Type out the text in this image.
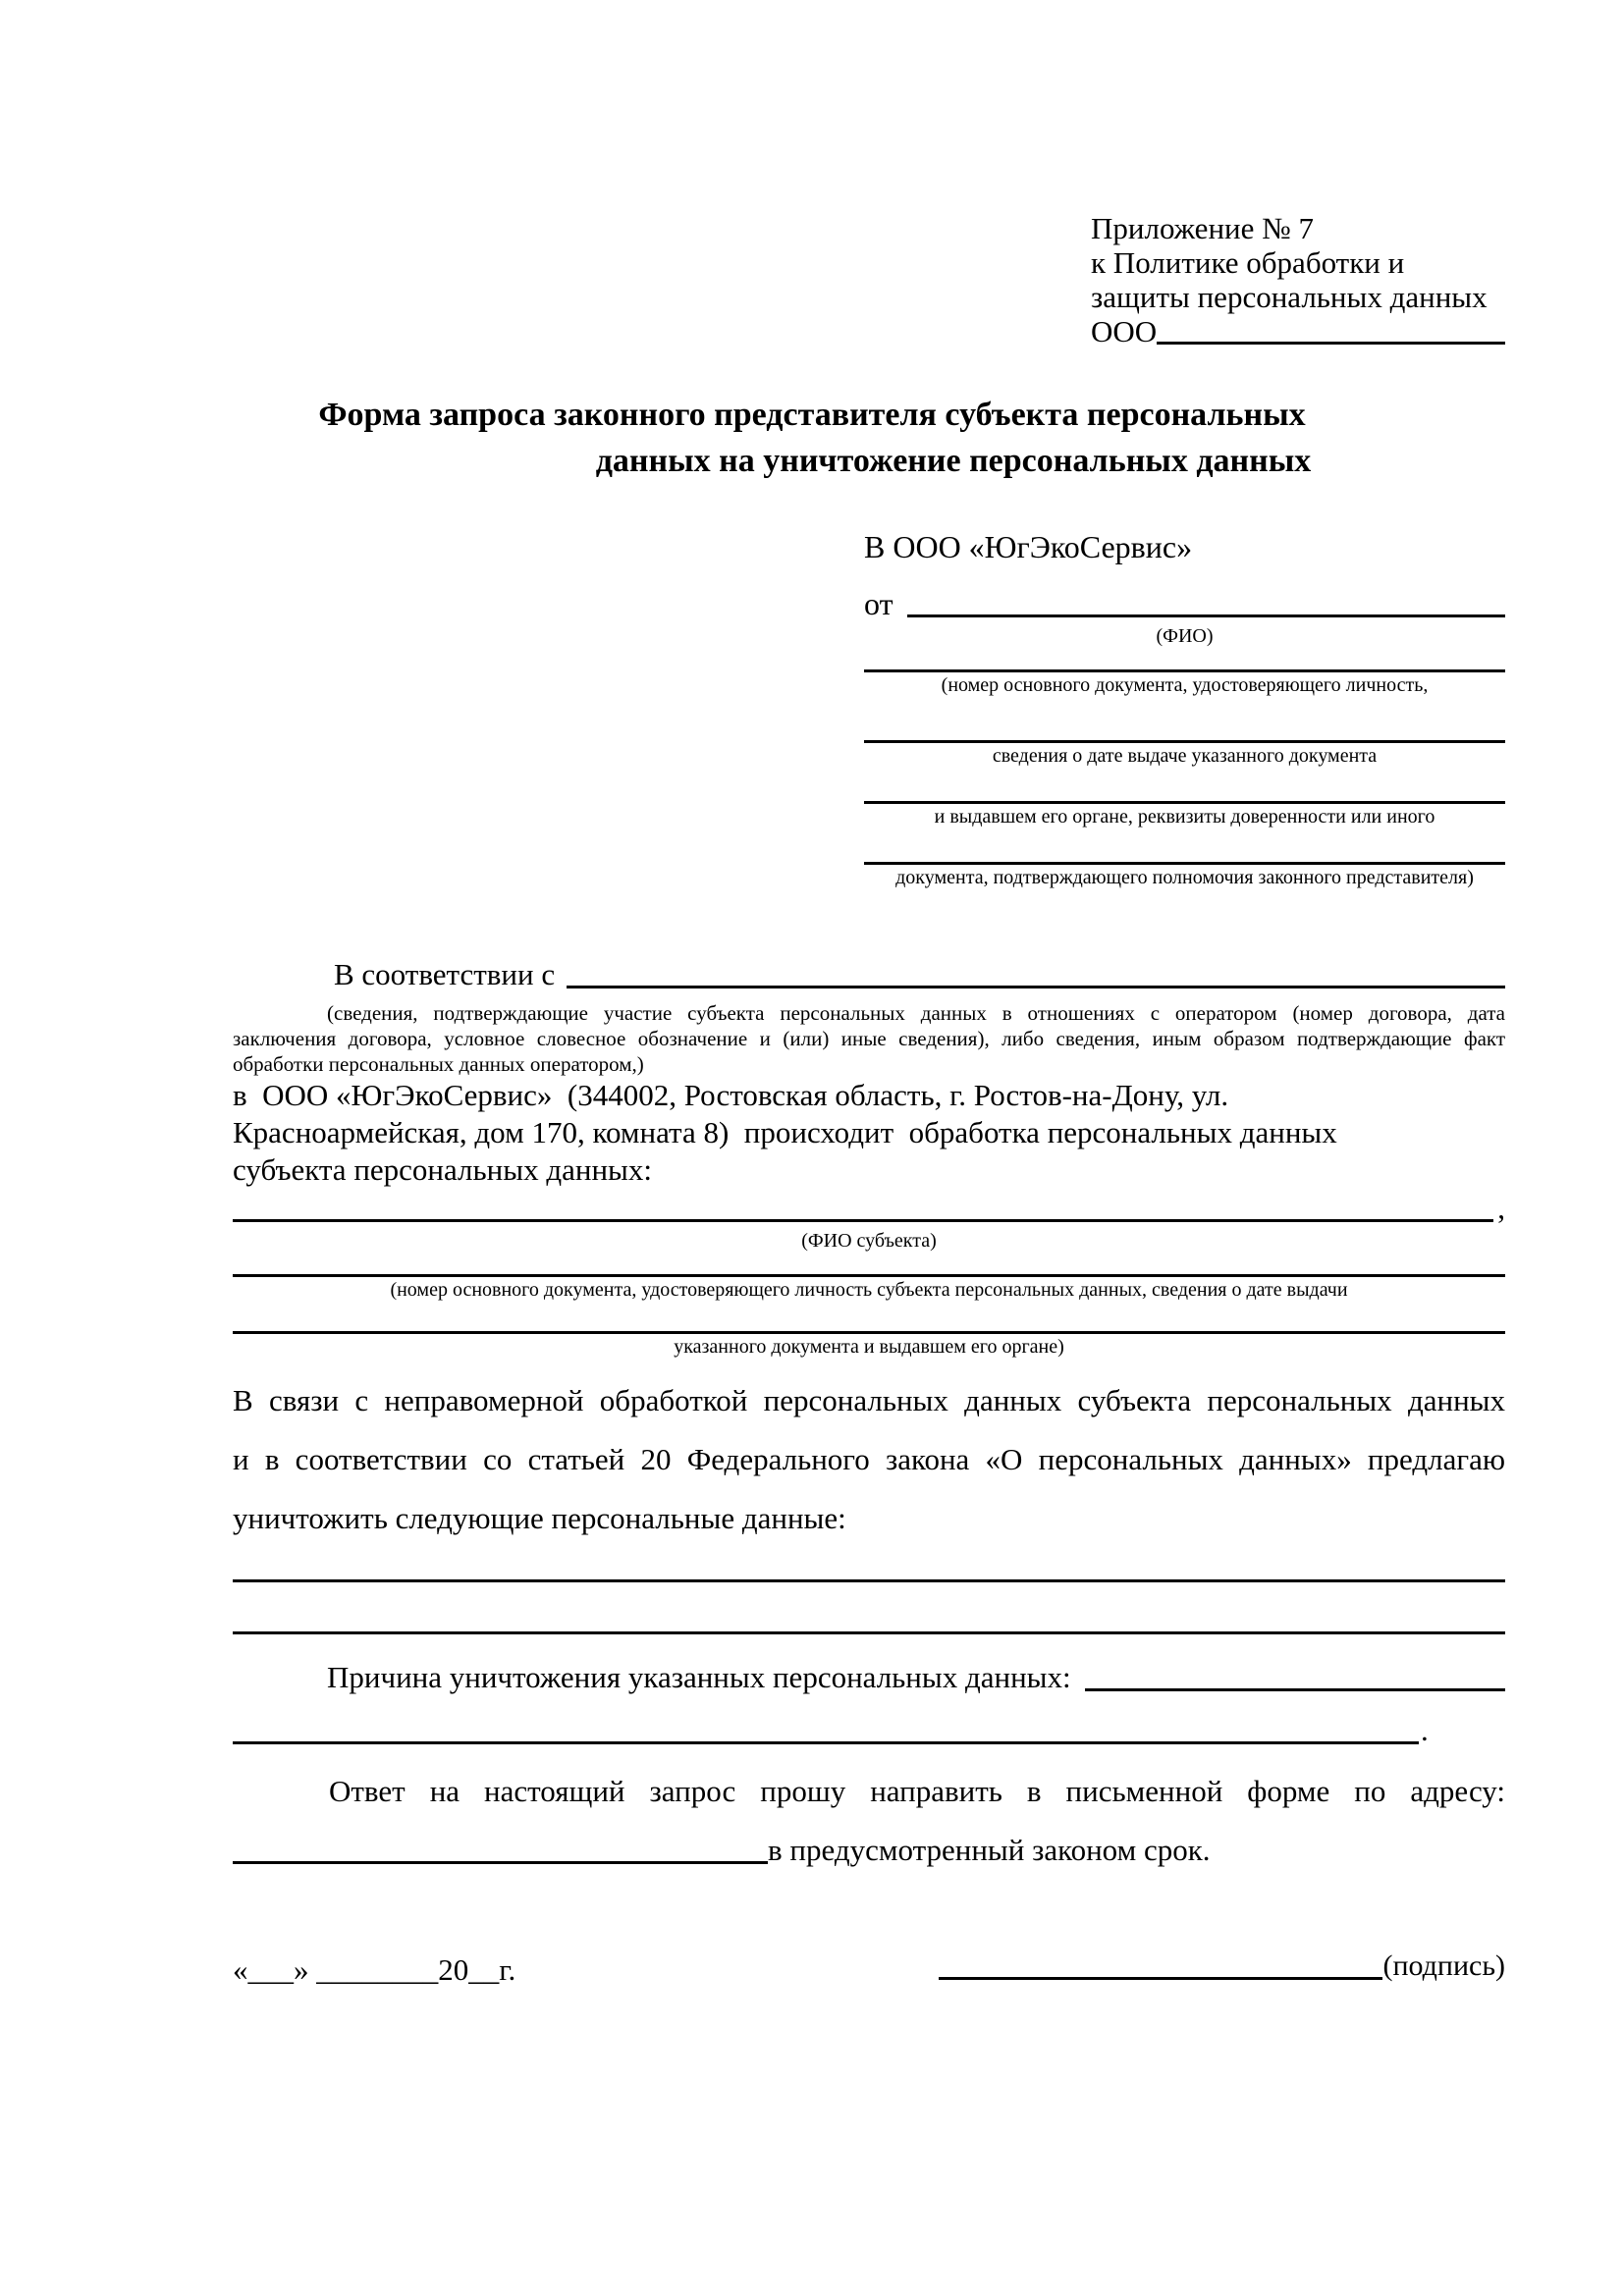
Приложение № 7
к Политике обработки и
защиты персональных данных
ООО
Форма запроса законного представителя субъекта персональных
данных на уничтожение персональных данных
В ООО «ЮгЭкоСервис»
от
(ФИО)
(номер основного документа, удостоверяющего личность,
сведения о дате выдаче указанного документа
и выдавшем его органе, реквизиты доверенности или иного
документа, подтверждающего полномочия законного представителя)
В соответствии с
(сведения, подтверждающие участие субъекта персональных данных в отношениях с оператором (номер договора, дата
заключения договора, условное словесное обозначение и (или) иные сведения), либо сведения, иным образом подтверждающие факт
обработки персональных данных оператором,)
в  ООО «ЮгЭкоСервис»  (344002, Ростовская область, г. Ростов-на-Дону, ул.
Красноармейская, дом 170, комната 8)  происходит  обработка персональных данных
субъекта персональных данных:
,
(ФИО субъекта)
(номер основного документа, удостоверяющего личность субъекта персональных данных, сведения о дате выдачи
указанного документа и выдавшем его органе)
В связи с неправомерной обработкой персональных данных субъекта персональных данных
и в соответствии со статьей 20 Федерального закона «О персональных данных» предлагаю
уничтожить следующие персональные данные:
Причина уничтожения указанных персональных данных:
.
Ответ на настоящий запрос прошу направить в письменной форме по адресу:
в предусмотренный законом срок.
«___» ________20__г.	(подпись)
